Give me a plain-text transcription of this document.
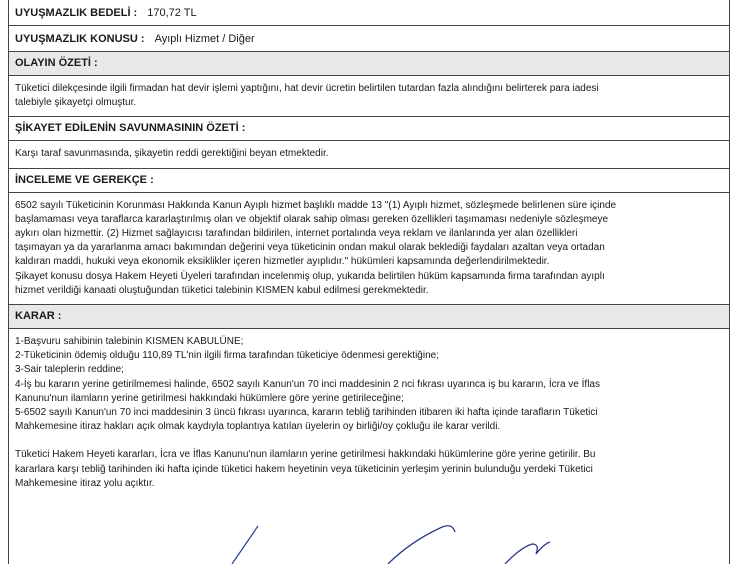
UYUŞMAZLIK BEDELİ : 170,72 TL
UYUŞMAZLIK KONUSU : Ayıplı Hizmet / Diğer
OLAYIN ÖZETİ :

Tüketici dilekçesinde ilgili firmadan hat devir işlemi yaptığını, hat devir ücretin belirtilen tutardan fazla alındığını belirterek para iadesi

talebiyle şikayetçi olmuştur.

ŞİKAYET EDİLENİN SAVUNMASININ ÖZETİ :

Karşı taraf savunmasında, şikayetin reddi gerektiğini beyan etmektedir.

İNCELEME VE GEREKÇE :

6502 sayılı Tüketicinin Korunması Hakkında Kanun Ayıplı hizmet başlıklı madde 13 "(1) Ayıplı hizmet, sözleşmede belirlenen süre içinde

başlamaması veya taraflarca kararlaştırılmış olan ve objektif olarak sahip olması gereken özellikleri taşımaması nedeniyle sözleşmeye

aykırı olan hizmettir. (2) Hizmet sağlayıcısı tarafından bildirilen, internet portalında veya reklam ve ilanlarında yer alan özellikleri

taşımayan ya da yararlanma amacı bakımından değerini veya tüketicinin ondan makul olarak beklediği faydaları azaltan veya ortadan

kaldıran maddi, hukuki veya ekonomik eksiklikler içeren hizmetler ayıplıdır." hükümleri kapsamında değerlendirilmektedir.

Şikayet konusu dosya Hakem Heyeti Üyeleri tarafından incelenmiş olup, yukarıda belirtilen hüküm kapsamında firma tarafından ayıplı

hizmet verildiği kanaati oluştuğundan tüketici talebinin KISMEN kabul edilmesi gerekmektedir.

KARAR :

1-Başvuru sahibinin talebinin KISMEN KABULÜNE;

2-Tüketicinin ödemiş olduğu 110,89 TL'nin ilgili firma tarafından tüketiciye ödenmesi gerektiğine;

3-Sair taleplerin reddine;

4-İş bu kararın yerine getirilmemesi halinde, 6502 sayılı Kanun'un 70 inci maddesinin 2 nci fıkrası uyarınca iş bu kararın, İcra ve İflas

Kanunu'nun ilamların yerine getirilmesi hakkındaki hükümlere göre yerine getirileceğine;

5-6502 sayılı Kanun'un 70 inci maddesinin 3 üncü fıkrası uyarınca, kararın tebliğ tarihinden itibaren iki hafta içinde tarafların Tüketici

Mahkemesine itiraz hakları açık olmak kaydıyla toplantıya katılan üyelerin oy birliği/oy çokluğu ile karar verildi.

Tüketici Hakem Heyeti kararları, İcra ve İflas Kanunu'nun ilamların yerine getirilmesi hakkındaki hükümlerine göre yerine getirilir. Bu

kararlara karşı tebliğ tarihinden iki hafta içinde tüketici hakem heyetinin veya tüketicinin yerleşim yerinin bulunduğu yerdeki Tüketici

Mahkemesine itiraz yolu açıktır.
